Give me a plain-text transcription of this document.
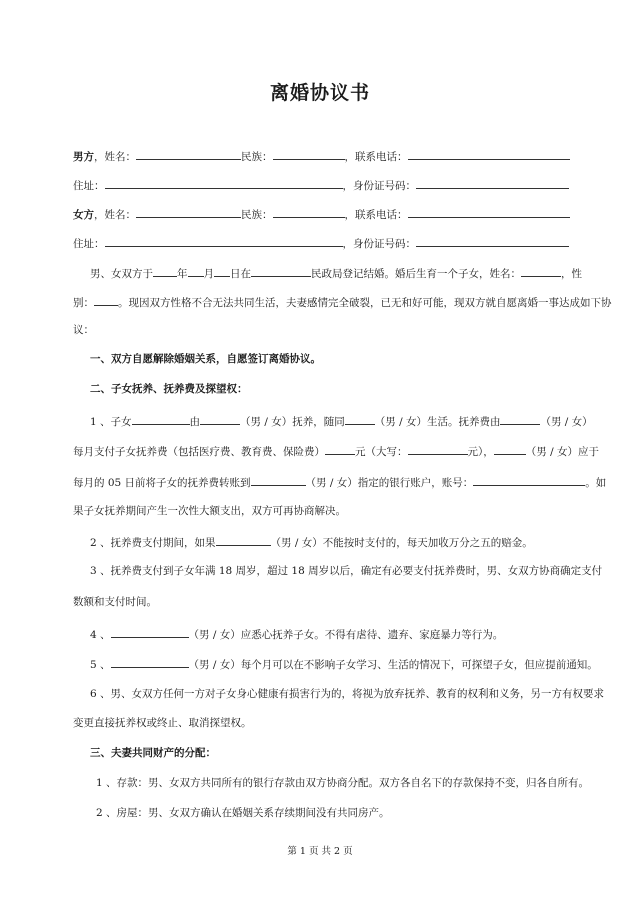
离婚协议书
男方，姓名：	民族：	，联系电话：
住址：	，身份证号码：
女方，姓名：	民族：	，联系电话：
住址：	，身份证号码：
男、女双方于 年 月 日在	民政局登记结婚。婚后生育一个子女，姓名：	，性
别： 。现因双方性格不合无法共同生活，夫妻感情完全破裂，已无和好可能，现双方就自愿离婚一事达成如下协
议：
一、双方自愿解除婚姻关系，自愿签订离婚协议。
二、子女抚养、抚养费及探望权：
1 、子女	由	（男 / 女）抚养，随同	（男 / 女）生活。抚养费由	（男 / 女）
每月支付子女抚养费（包括医疗费、教育费、保险费）	元（大写：	元），	（男 / 女）应于
每月的 05 日前将子女的抚养费转账到	（男 / 女）指定的银行账户，账号：	。如
果子女抚养期间产生一次性大额支出，双方可再协商解决。
2 、抚养费支付期间，如果	（男 / 女）不能按时支付的，每天加收万分之五的赔金。
3 、抚养费支付到子女年满 18 周岁，超过 18 周岁以后，确定有必要支付抚养费时，男、女双方协商确定支付
数额和支付时间。
4 、	（男 / 女）应悉心抚养子女。不得有虐待、遗弃、家庭暴力等行为。
5 、	（男 / 女）每个月可以在不影响子女学习、生活的情况下，可探望子女，但应提前通知。
6 、男、女双方任何一方对子女身心健康有损害行为的，将视为放弃抚养、教育的权利和义务，另一方有权要求
变更直接抚养权或终止、取消探望权。
三、夫妻共同财产的分配：
1 、存款：男、女双方共同所有的银行存款由双方协商分配。双方各自名下的存款保持不变，归各自所有。
2 、房屋：男、女双方确认在婚姻关系存续期间没有共同房产。
第 1 页 共 2 页
